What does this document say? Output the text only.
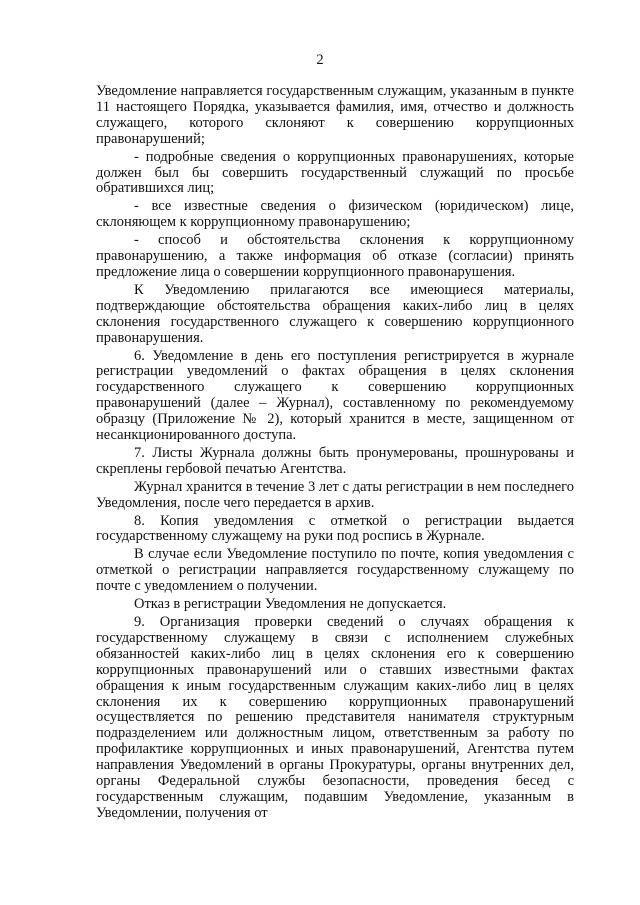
2

Уведомление направляется государственным служащим, указанным в пункте 11 настоящего Порядка, указывается фамилия, имя, отчество и должность служащего, которого склоняют к совершению коррупционных правонарушений;

- подробные сведения о коррупционных правонарушениях, которые должен был бы совершить государственный служащий по просьбе обратившихся лиц;

- все известные сведения о физическом (юридическом) лице, склоняющем к коррупционному правонарушению;

- способ и обстоятельства склонения к коррупционному правонарушению, а также информация об отказе (согласии) принять предложение лица о совершении коррупционного правонарушения.

К Уведомлению прилагаются все имеющиеся материалы, подтверждающие обстоятельства обращения каких-либо лиц в целях склонения государственного служащего к совершению коррупционного правонарушения.

6. Уведомление в день его поступления регистрируется в журнале регистрации уведомлений о фактах обращения в целях склонения государственного служащего к совершению коррупционных правонарушений (далее – Журнал), составленному по рекомендуемому образцу (Приложение № 2), который хранится в месте, защищенном от несанкционированного доступа.

7. Листы Журнала должны быть пронумерованы, прошнурованы и скреплены гербовой печатью Агентства.

Журнал хранится в течение 3 лет с даты регистрации в нем последнего Уведомления, после чего передается в архив.

8. Копия уведомления с отметкой о регистрации выдается государственному служащему на руки под роспись в Журнале.

В случае если Уведомление поступило по почте, копия уведомления с отметкой о регистрации направляется государственному служащему по почте с уведомлением о получении.

Отказ в регистрации Уведомления не допускается.

9. Организация проверки сведений о случаях обращения к государственному служащему в связи с исполнением служебных обязанностей каких-либо лиц в целях склонения его к совершению коррупционных правонарушений или о ставших известными фактах обращения к иным государственным служащим каких-либо лиц в целях склонения их к совершению коррупционных правонарушений осуществляется по решению представителя нанимателя структурным подразделением или должностным лицом, ответственным за работу по профилактике коррупционных и иных правонарушений, Агентства путем направления Уведомлений в органы Прокуратуры, органы внутренних дел, органы Федеральной службы безопасности, проведения бесед с государственным служащим, подавшим Уведомление, указанным в Уведомлении, получения от
